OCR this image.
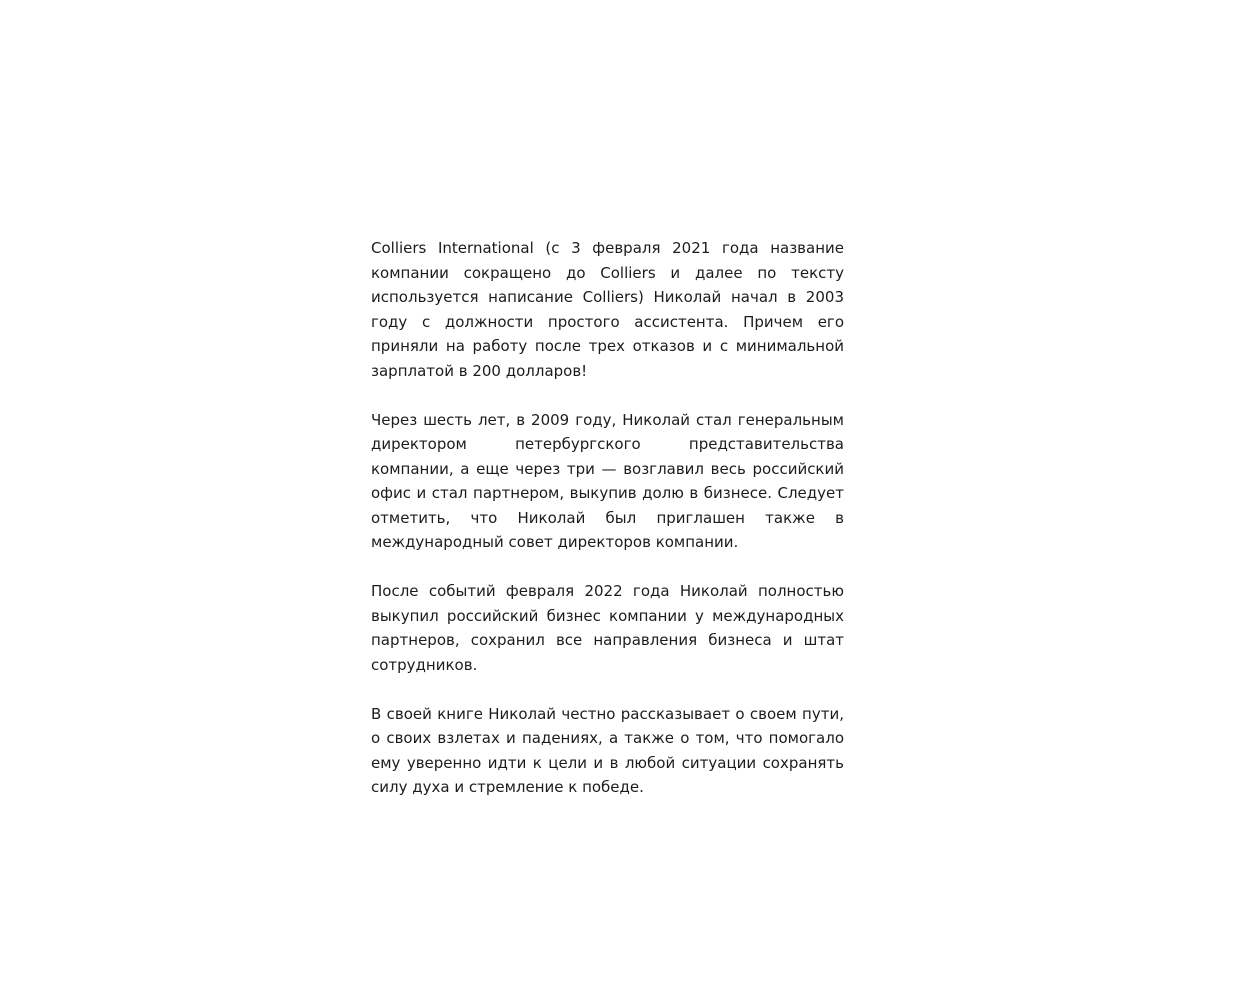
Colliers International (с 3 февраля 2021 года название компании сокращено до Colliers и далее по тексту используется написание Colliers) Николай начал в 2003 году с должности простого ассистента. Причем его приняли на работу после трех отказов и с минимальной зарплатой в 200 долларов!

Через шесть лет, в 2009 году, Николай стал генеральным директором петербургского представительства компании, а еще через три — возглавил весь российский офис и стал партнером, выкупив долю в бизнесе. Следует отметить, что Николай был приглашен также в международный совет директоров компании.

После событий февраля 2022 года Николай полностью выкупил российский бизнес компании у международных партнеров, сохранил все направления бизнеса и штат сотрудников.

В своей книге Николай честно рассказывает о своем пути, о своих взлетах и падениях, а также о том, что помогало ему уверенно идти к цели и в любой ситуации сохранять силу духа и стремление к победе.
